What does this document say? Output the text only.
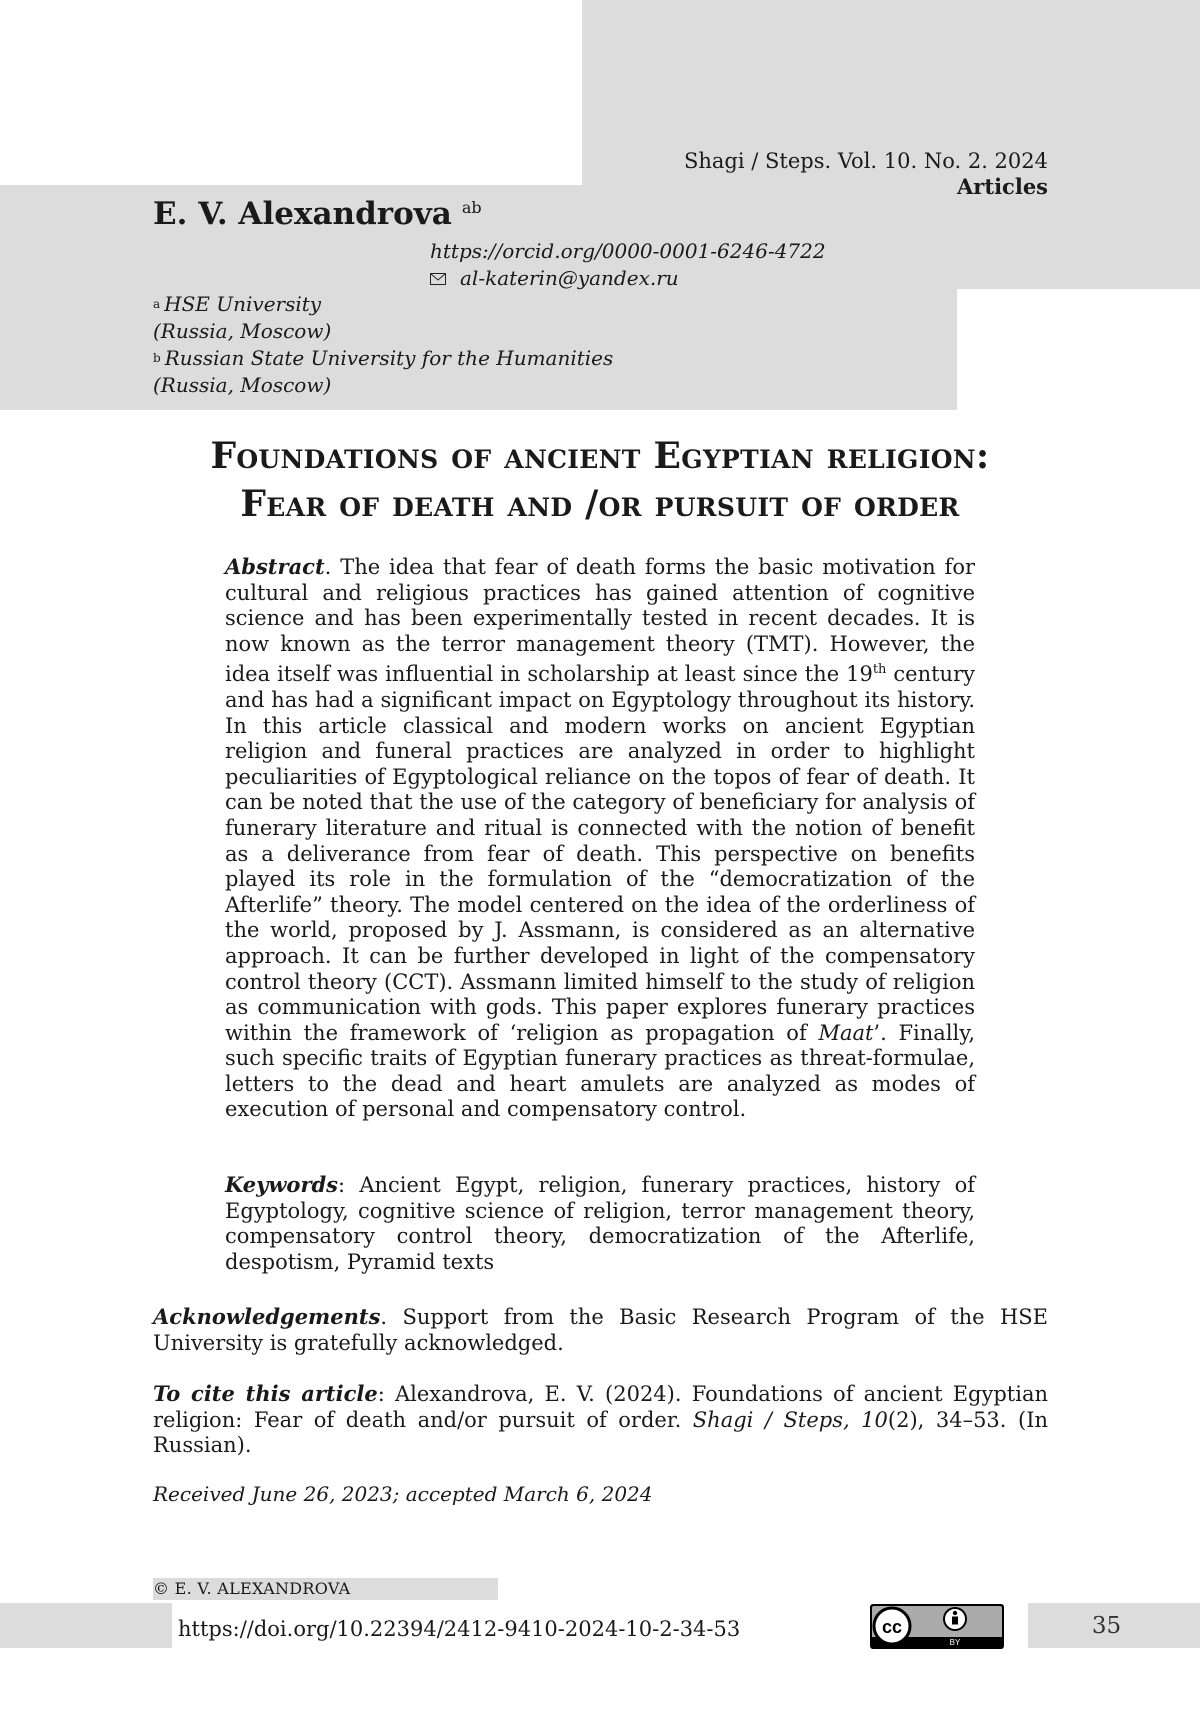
Shagi / Steps. Vol. 10. No. 2. 2024
Articles
E. V. Alexandrova $^{ab}$
https://orcid.org/0000-0001-6246-4722
al-katerin@yandex.ru
$^a$ HSE University
(Russia, Moscow)
$^b$ Russian State University for the Humanities
(Russia, Moscow)
Foundations of ancient Egyptian religion:
Fear of death and /or pursuit of order
Abstract. The idea that fear of death forms the basic motivation for cultural and religious practices has gained attention of cognitive science and has been experimentally tested in recent decades. It is now known as the terror management theory (TMT). However, the idea itself was influential in scholarship at least since the 19th century and has had a significant impact on Egyptology throughout its history. In this article classical and modern works on ancient Egyptian religion and funeral practices are analyzed in order to highlight peculiarities of Egyptological reliance on the topos of fear of death. It can be noted that the use of the category of beneficiary for analysis of funerary literature and ritual is connected with the notion of benefit as a deliverance from fear of death. This perspective on benefits played its role in the formulation of the “democratization of the Afterlife” theory. The model centered on the idea of the orderliness of the world, proposed by J. Assmann, is considered as an alternative approach. It can be further developed in light of the compensatory control theory (CCT). Assmann limited himself to the study of religion as communication with gods. This paper explores funerary practices within the framework of ‘religion as propagation of Maat’. Finally, such specific traits of Egyptian funerary practices as threat-formulae, letters to the dead and heart amulets are analyzed as modes of execution of personal and compensatory control.
Keywords: Ancient Egypt, religion, funerary practices, history of Egyptology, cognitive science of religion, terror management theory, compensatory control theory, democratization of the Afterlife, despotism, Pyramid texts
Acknowledgements. Support from the Basic Research Program of the HSE University is gratefully acknowledged.
To cite this article: Alexandrova, E. V. (2024). Foundations of ancient Egyptian religion: Fear of death and/or pursuit of order. Shagi / Steps, 10(2), 34–53. (In Russian).
Received June 26, 2023; accepted March 6, 2024
© E. V. ALEXANDROVA
https://doi.org/10.22394/2412-9410-2024-10-2-34-53	35
cc
BY
